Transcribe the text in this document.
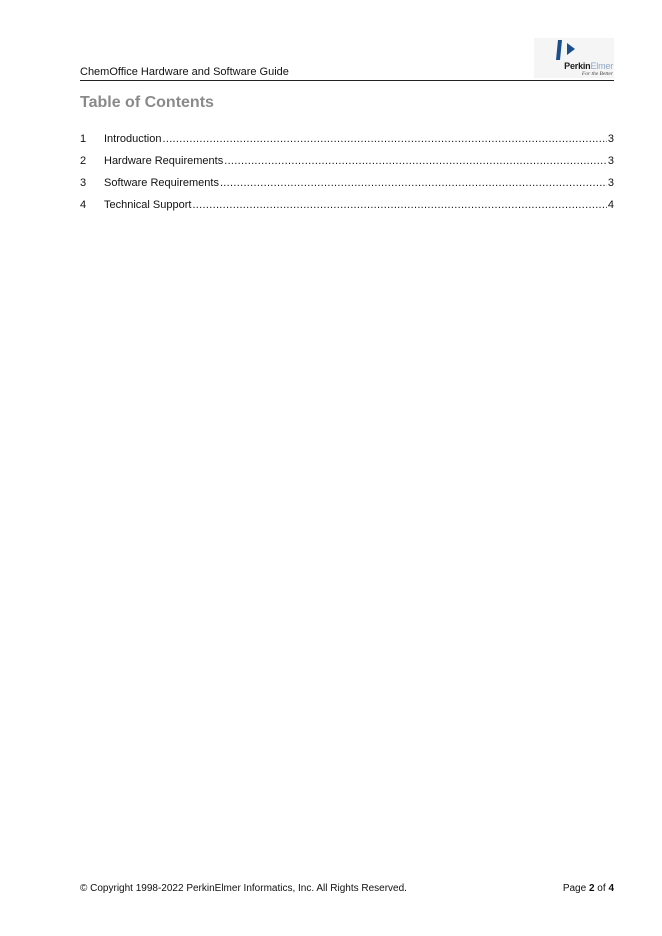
ChemOffice Hardware and Software Guide	PerkinElmer
For the Better
Table of Contents
1	Introduction .....	3
2	Hardware Requirements .....	3
3	Software Requirements .....	3
4	Technical Support .....	4
© Copyright 1998-2022 PerkinElmer Informatics, Inc. All Rights Reserved.	Page 2 of 4
